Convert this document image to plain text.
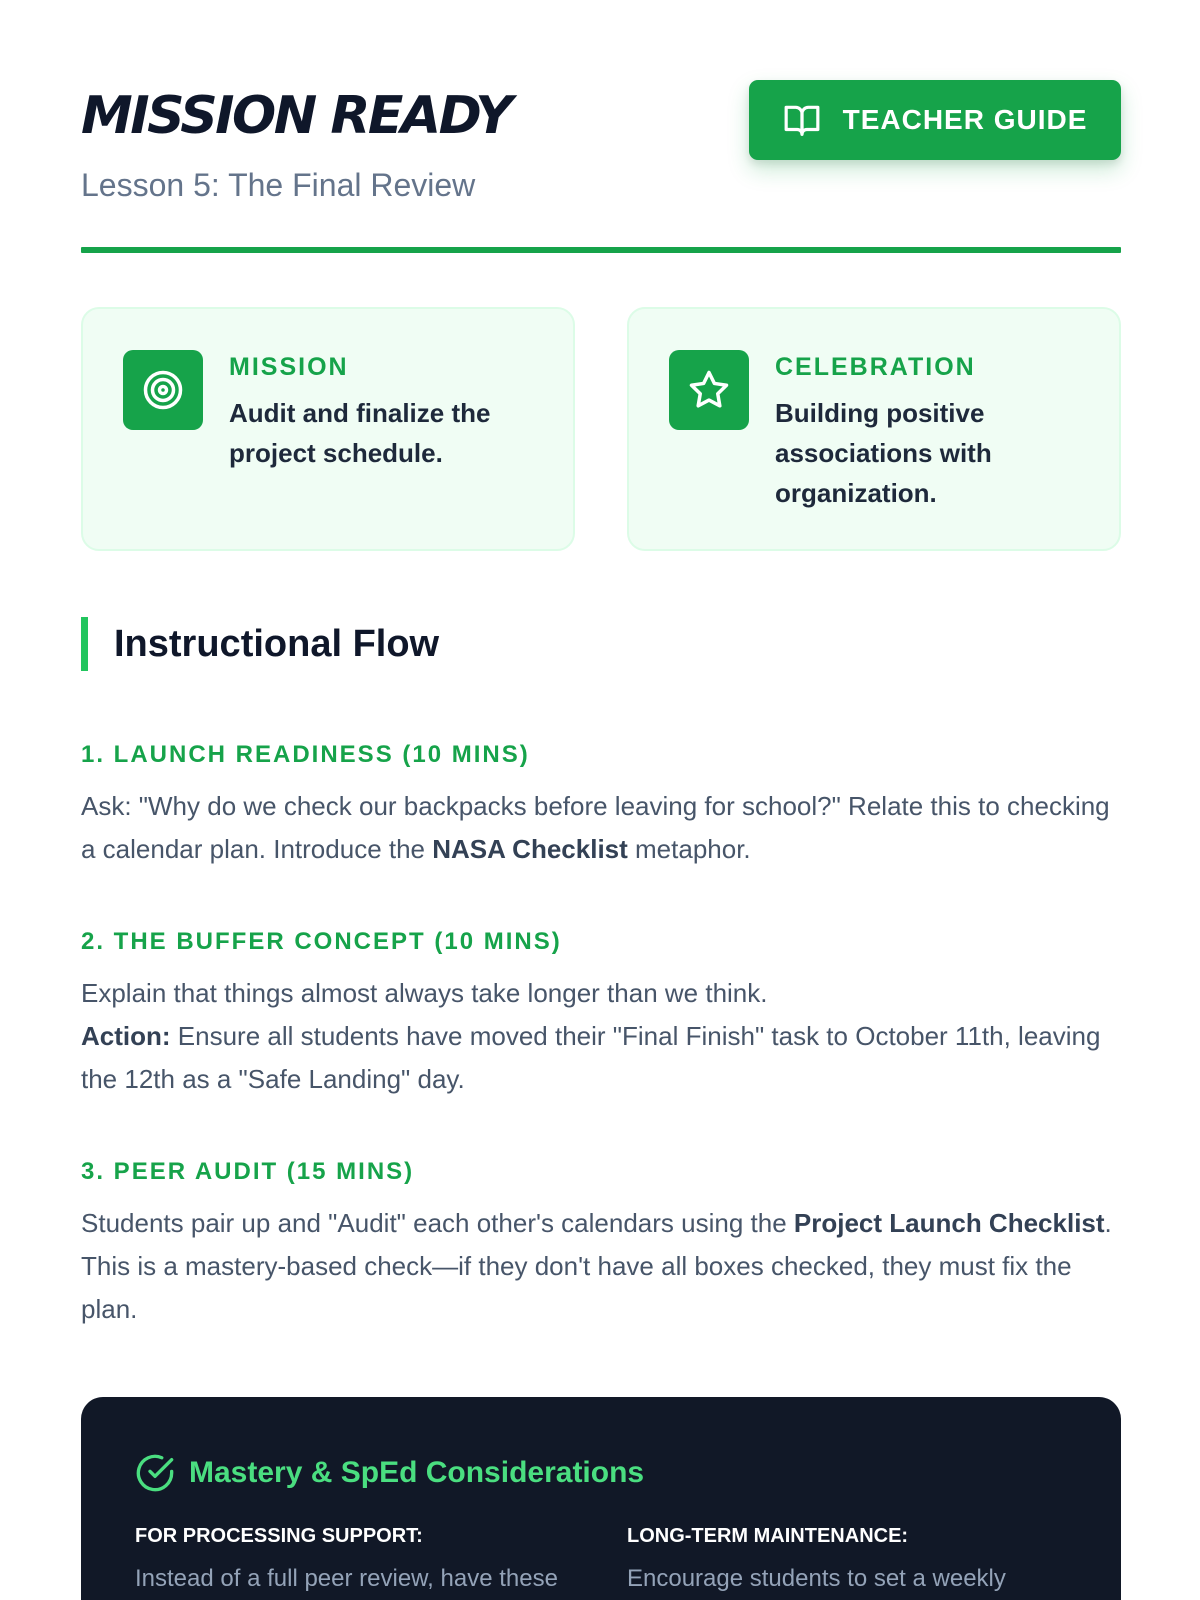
MISSION READY
Lesson 5: The Final Review
TEACHER GUIDE
MISSION
Audit and finalize the project schedule.
CELEBRATION
Building positive associations with organization.
Instructional Flow
1. LAUNCH READINESS (10 MINS)
Ask: "Why do we check our backpacks before leaving for school?" Relate this to checking a calendar plan. Introduce the NASA Checklist metaphor.
2. THE BUFFER CONCEPT (10 MINS)
Explain that things almost always take longer than we think.
Action: Ensure all students have moved their "Final Finish" task to October 11th, leaving the 12th as a "Safe Landing" day.
3. PEER AUDIT (15 MINS)
Students pair up and "Audit" each other's calendars using the Project Launch Checklist. This is a mastery-based check—if they don't have all boxes checked, they must fix the plan.
Mastery & SpEd Considerations
FOR PROCESSING SUPPORT:
Instead of a full peer review, have these
LONG-TERM MAINTENANCE:
Encourage students to set a weekly
